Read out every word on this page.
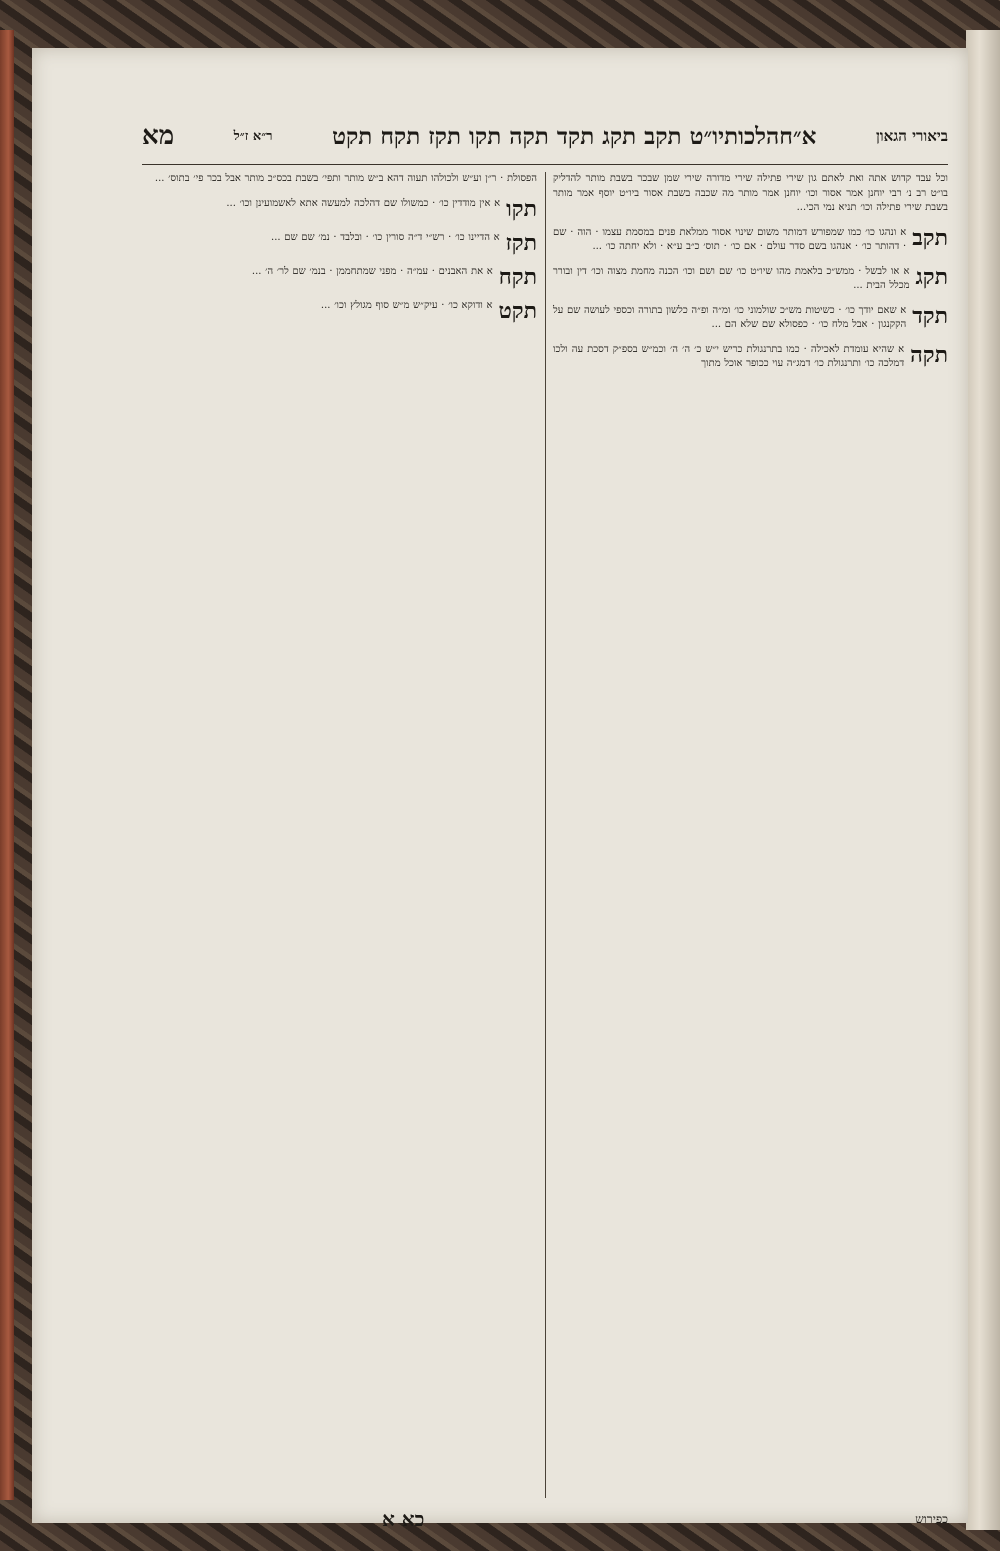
ביאורי הגאון
א״חהלכותיו״ט תקב תקג תקד תקה תקו תקז תקח תקט
ר״א ז״ל
מא
וכל עבד קדוש אתה ואת לאתם גון שירי פתילה שירי מדורה שירי שמן שבכר בשבת מותר להדליק בו״ט רב נ׳ רבי יוחנן אמר אסור וכו׳ יוחנן אמר מותר מה שכבה בשבת אסור ביו״ט יוסף אמר מותר בשבת שירי פתילה וכו׳ תניא נמי הכי...
תקב
א ונהגו כו׳ כמו שמפורש דמותר משום שינוי אסור ממלאת פנים במסמת עצמו · הוה · שם · דהותר כו׳ · אנהגו בשם סדר עולם · אם כו׳ · תוס׳ כ״ב ע״א · ולא יחתה כו׳ ...
תקג
א או לבשל · ממש״כ בלאמת מהו שיו״ט כו׳ שם ושם וכו׳ הכנה מחמת מצוה וכו׳ דין ובורר מכלל הבית ...
תקד
א שאם יודך כו׳ · כשיטות מש״כ שולמוני כו׳ ומ״ה ופ״ה כלשון בתורה וכספי לעושה שם על הקקנגון · אבל מלח כו׳ · כפסולא שם שלא הם ...
תקה
א שהיא עומדת לאכילה · כמו בתרנגולת כריש י״ש כ׳ ה׳ ה׳ וכמ״ש בספ״ק דסכת עה ולכו דמלכה כו׳ ותרנגולת כו׳ דמג״ה עוי ככופר אוכל מתוך
הפסולת · ר״ן וע״ש ולכולהו תעוה דהא ב״ש מותר ותפי׳ בשבת בכס״כ מותר אבל בכר פי׳ בתוס׳ ...
תקו
א אין מודדין כו׳ · כמשולו שם דהלכה למעשה אתא לאשמועינן וכו׳ ...
תקז
א הדיינו כו׳ · רש״י ד״ה סורין כו׳ · ובלבד · נמ׳ שם שם ...
תקח
א את האבנים · עמ״ה · מפני שמתחממן · בנמ׳ שם לר׳ ה׳ ...
תקט
א ודוקא כו׳ · עיק״ש מ״ש סוף מגולץ וכו׳ ...
כפירוש
כא א
